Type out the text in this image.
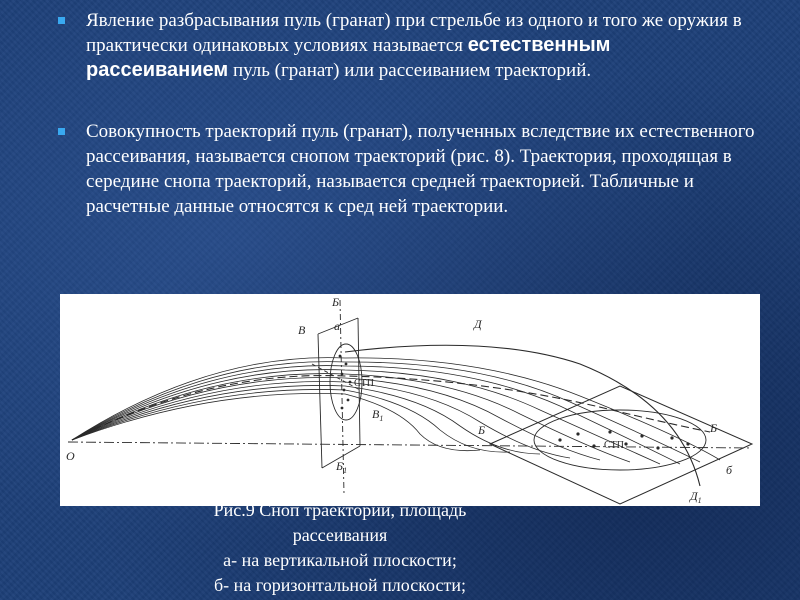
Явление разбрасывания пуль (гранат) при стрельбе из одного и того же оружия в практически одинаковых условиях называется естественным рассеиванием пуль (гранат) или рассеиванием траекторий.
Совокупность траекторий пуль (гранат), полученных вследствие их естественного рассеивания, называется снопом траекторий (рис. 8). Траектория, проходящая в середине снопа траекторий, называется средней траекторией. Табличные и расчетные данные относятся к сред ней траектории.
О
Б
В а
СТП
$В_1$
$Б_1$
Д
Б
СТП
Б
б
$Д_1$
Рис.9 Сноп траекторий, площадь
рассеивания
а- на вертикальной плоскости;
б- на горизонтальной плоскости;
